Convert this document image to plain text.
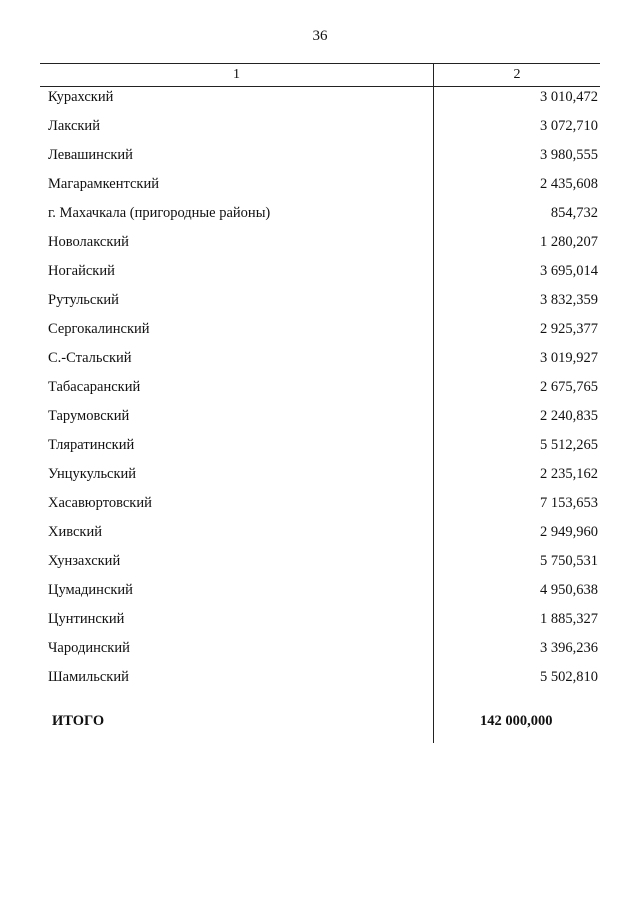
36
1	2
Курахский	3 010,472
Лакский	3 072,710
Левашинский	3 980,555
Магарамкентский	2 435,608
г. Махачкала (пригородные районы)	854,732
Новолакский	1 280,207
Ногайский	3 695,014
Рутульский	3 832,359
Сергокалинский	2 925,377
С.-Стальский	3 019,927
Табасаранский	2 675,765
Тарумовский	2 240,835
Тляратинский	5 512,265
Унцукульский	2 235,162
Хасавюртовский	7 153,653
Хивский	2 949,960
Хунзахский	5 750,531
Цумадинский	4 950,638
Цунтинский	1 885,327
Чародинский	3 396,236
Шамильский	5 502,810
ИТОГО	142 000,000
